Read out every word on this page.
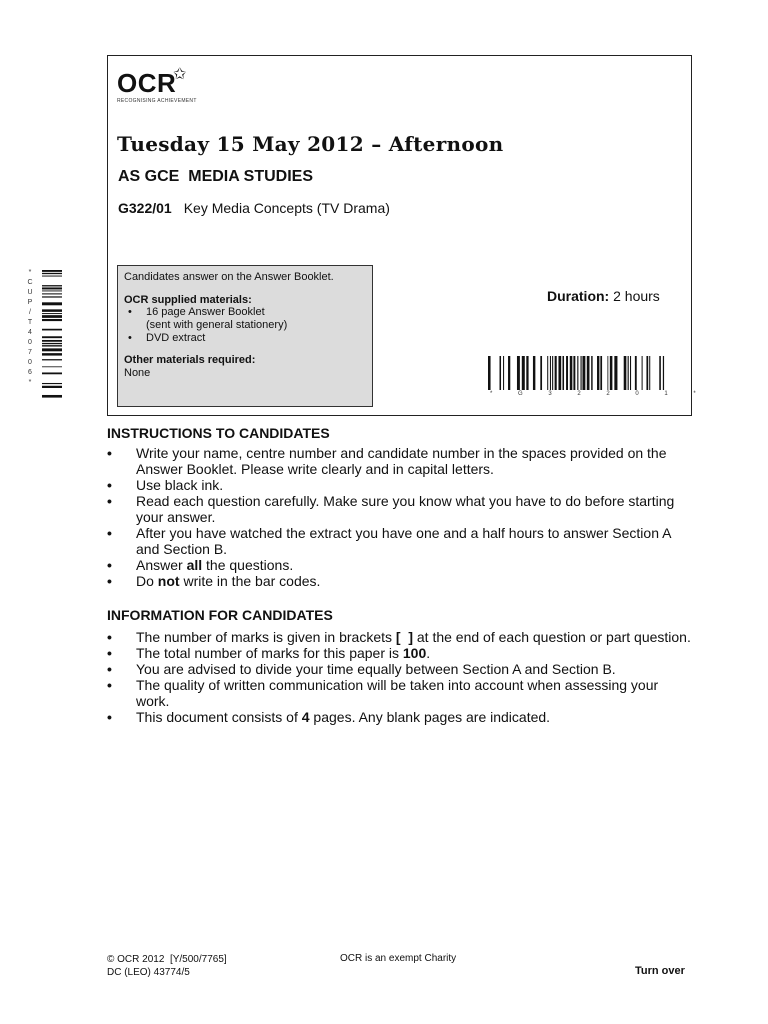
OCR
✩
RECOGNISING ACHIEVEMENT
Tuesday 15 May 2012 – Afternoon
AS GCE  MEDIA STUDIES
G322/01 Key Media Concepts (TV Drama)
Candidates answer on the Answer Booklet.
OCR supplied materials:
• 16 page Answer Booklet
(sent with general stationery)
• DVD extract
Other materials required:
None
Duration: 2 hours
*
C
U
P
/
T
4
0
7
0
6
*
* G 3 2 2 0 1 *
INSTRUCTIONS TO CANDIDATES
• Write your name, centre number and candidate number in the spaces provided on the Answer Booklet. Please write clearly and in capital letters.
• Use black ink.
• Read each question carefully. Make sure you know what you have to do before starting your answer.
• After you have watched the extract you have one and a half hours to answer Section A and Section B.
• Answer all the questions.
• Do not write in the bar codes.
INFORMATION FOR CANDIDATES
• The number of marks is given in brackets [  ] at the end of each question or part question.
• The total number of marks for this paper is 100.
• You are advised to divide your time equally between Section A and Section B.
• The quality of written communication will be taken into account when assessing your work.
• This document consists of 4 pages. Any blank pages are indicated.
© OCR 2012  [Y/500/7765]
DC (LEO) 43774/5
OCR is an exempt Charity
Turn over
